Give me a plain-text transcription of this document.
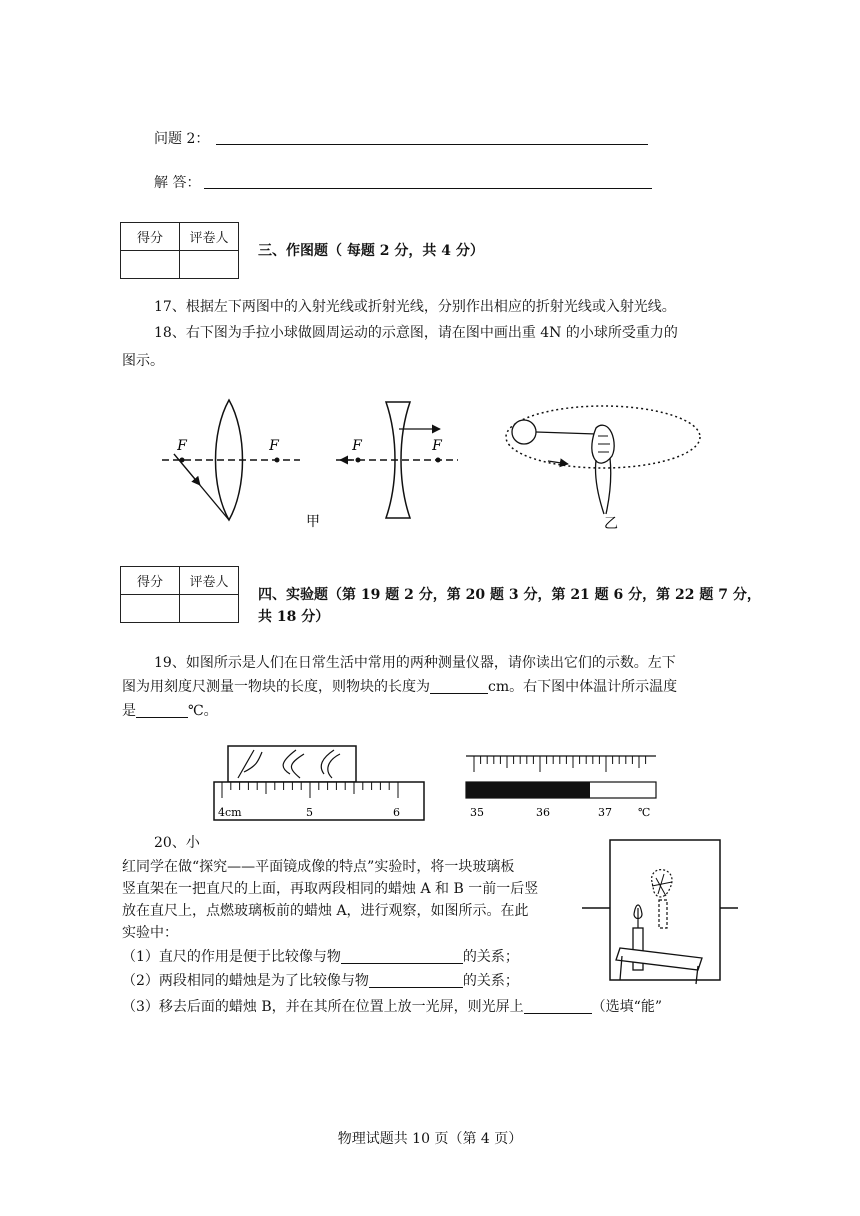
问题 2：
解 答：
得分	评卷人

三、作图题（ 每题 2 分，共 4 分）
17、根据左下两图中的入射光线或折射光线，分别作出相应的折射光线或入射光线。
18、右下图为手拉小球做圆周运动的示意图，请在图中画出重 4N 的小球所受重力的
图示。
F	F	F	F
甲	乙
得分	评卷人

四、实验题（第 19 题 2 分，第 20 题 3 分，第 21 题 6 分，第 22 题 7 分，
共 18 分）
19、如图所示是人们在日常生活中常用的两种测量仪器，请你读出它们的示数。左下
图为用刻度尺测量一物块的长度，则物块的长度为	cm。右下图中体温计所示温度
是	℃。
4cm	5	6	35	36	37 ℃
20、小
红同学在做“探究——平面镜成像的特点”实验时，将一块玻璃板
竖直架在一把直尺的上面，再取两段相同的蜡烛 A 和 B 一前一后竖
放在直尺上，点燃玻璃板前的蜡烛 A，进行观察，如图所示。在此
实验中：
（1）直尺的作用是便于比较像与物	的关系；
（2）两段相同的蜡烛是为了比较像与物	的关系；
（3）移去后面的蜡烛 B，并在其所在位置上放一光屏，则光屏上	（选填“能”
物理试题共 10 页（第 4 页）
